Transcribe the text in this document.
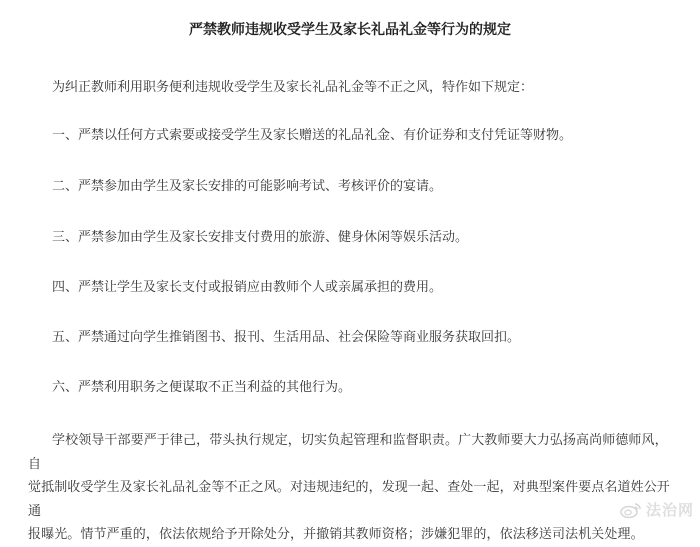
严禁教师违规收受学生及家长礼品礼金等行为的规定
为纠正教师利用职务便利违规收受学生及家长礼品礼金等不正之风，特作如下规定：
一、严禁以任何方式索要或接受学生及家长赠送的礼品礼金、有价证券和支付凭证等财物。
二、严禁参加由学生及家长安排的可能影响考试、考核评价的宴请。
三、严禁参加由学生及家长安排支付费用的旅游、健身休闲等娱乐活动。
四、严禁让学生及家长支付或报销应由教师个人或亲属承担的费用。
五、严禁通过向学生推销图书、报刊、生活用品、社会保险等商业服务获取回扣。
六、严禁利用职务之便谋取不正当利益的其他行为。
学校领导干部要严于律己，带头执行规定，切实负起管理和监督职责。广大教师要大力弘扬高尚师德师风，自
觉抵制收受学生及家长礼品礼金等不正之风。对违规违纪的，发现一起、查处一起，对典型案件要点名道姓公开通
报曝光。情节严重的，依法依规给予开除处分，并撤销其教师资格；涉嫌犯罪的，依法移送司法机关处理。
法治网
